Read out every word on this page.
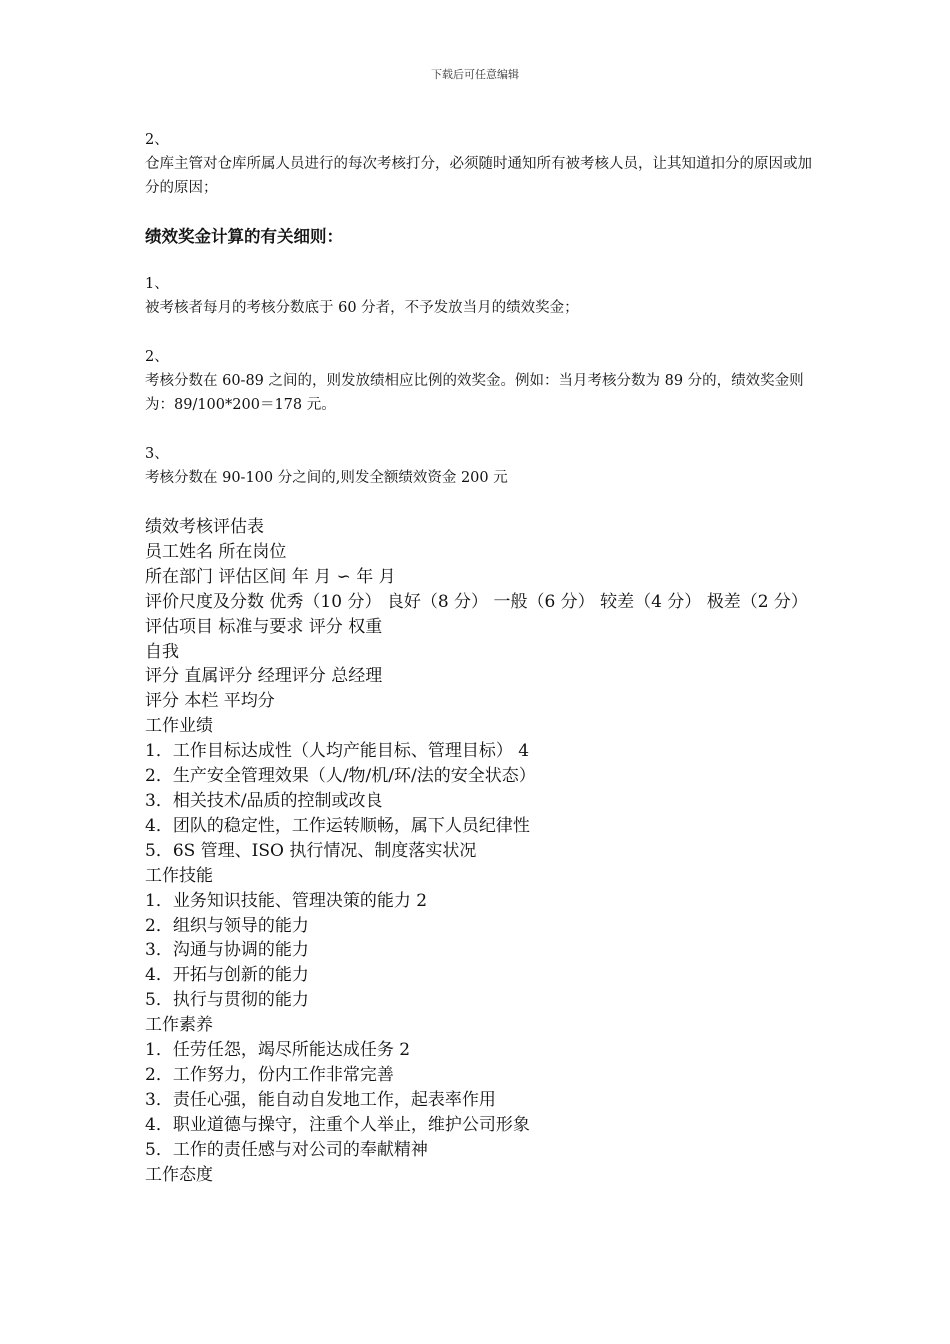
下载后可任意编辑
2、
仓库主管对仓库所属人员进行的每次考核打分，必须随时通知所有被考核人员，让其知道扣分的原因或加分的原因；
绩效奖金计算的有关细则：
1、
被考核者每月的考核分数底于 60 分者，不予发放当月的绩效奖金；
2、
考核分数在 60-89 之间的，则发放绩相应比例的效奖金。例如：当月考核分数为 89 分的，绩效奖金则为：89/100*200＝178 元。
3、
考核分数在 90-100 分之间的,则发全额绩效资金 200 元
绩效考核评估表
员工姓名 所在岗位
所在部门 评估区间 年 月 ∽ 年 月
评价尺度及分数 优秀（10 分） 良好（8 分） 一般（6 分） 较差（4 分） 极差（2 分）
评估项目 标准与要求 评分 权重
自我
评分 直属评分 经理评分 总经理
评分 本栏 平均分
工作业绩
1．工作目标达成性（人均产能目标、管理目标） 4
2．生产安全管理效果（人/物/机/环/法的安全状态）
3．相关技术/品质的控制或改良
4．团队的稳定性，工作运转顺畅，属下人员纪律性
5．6S 管理、ISO 执行情况、制度落实状况
工作技能
1．业务知识技能、管理决策的能力 2
2．组织与领导的能力
3．沟通与协调的能力
4．开拓与创新的能力
5．执行与贯彻的能力
工作素养
1．任劳任怨，竭尽所能达成任务 2
2．工作努力，份内工作非常完善
3．责任心强，能自动自发地工作，起表率作用
4．职业道德与操守，注重个人举止，维护公司形象
5．工作的责任感与对公司的奉献精神
工作态度
